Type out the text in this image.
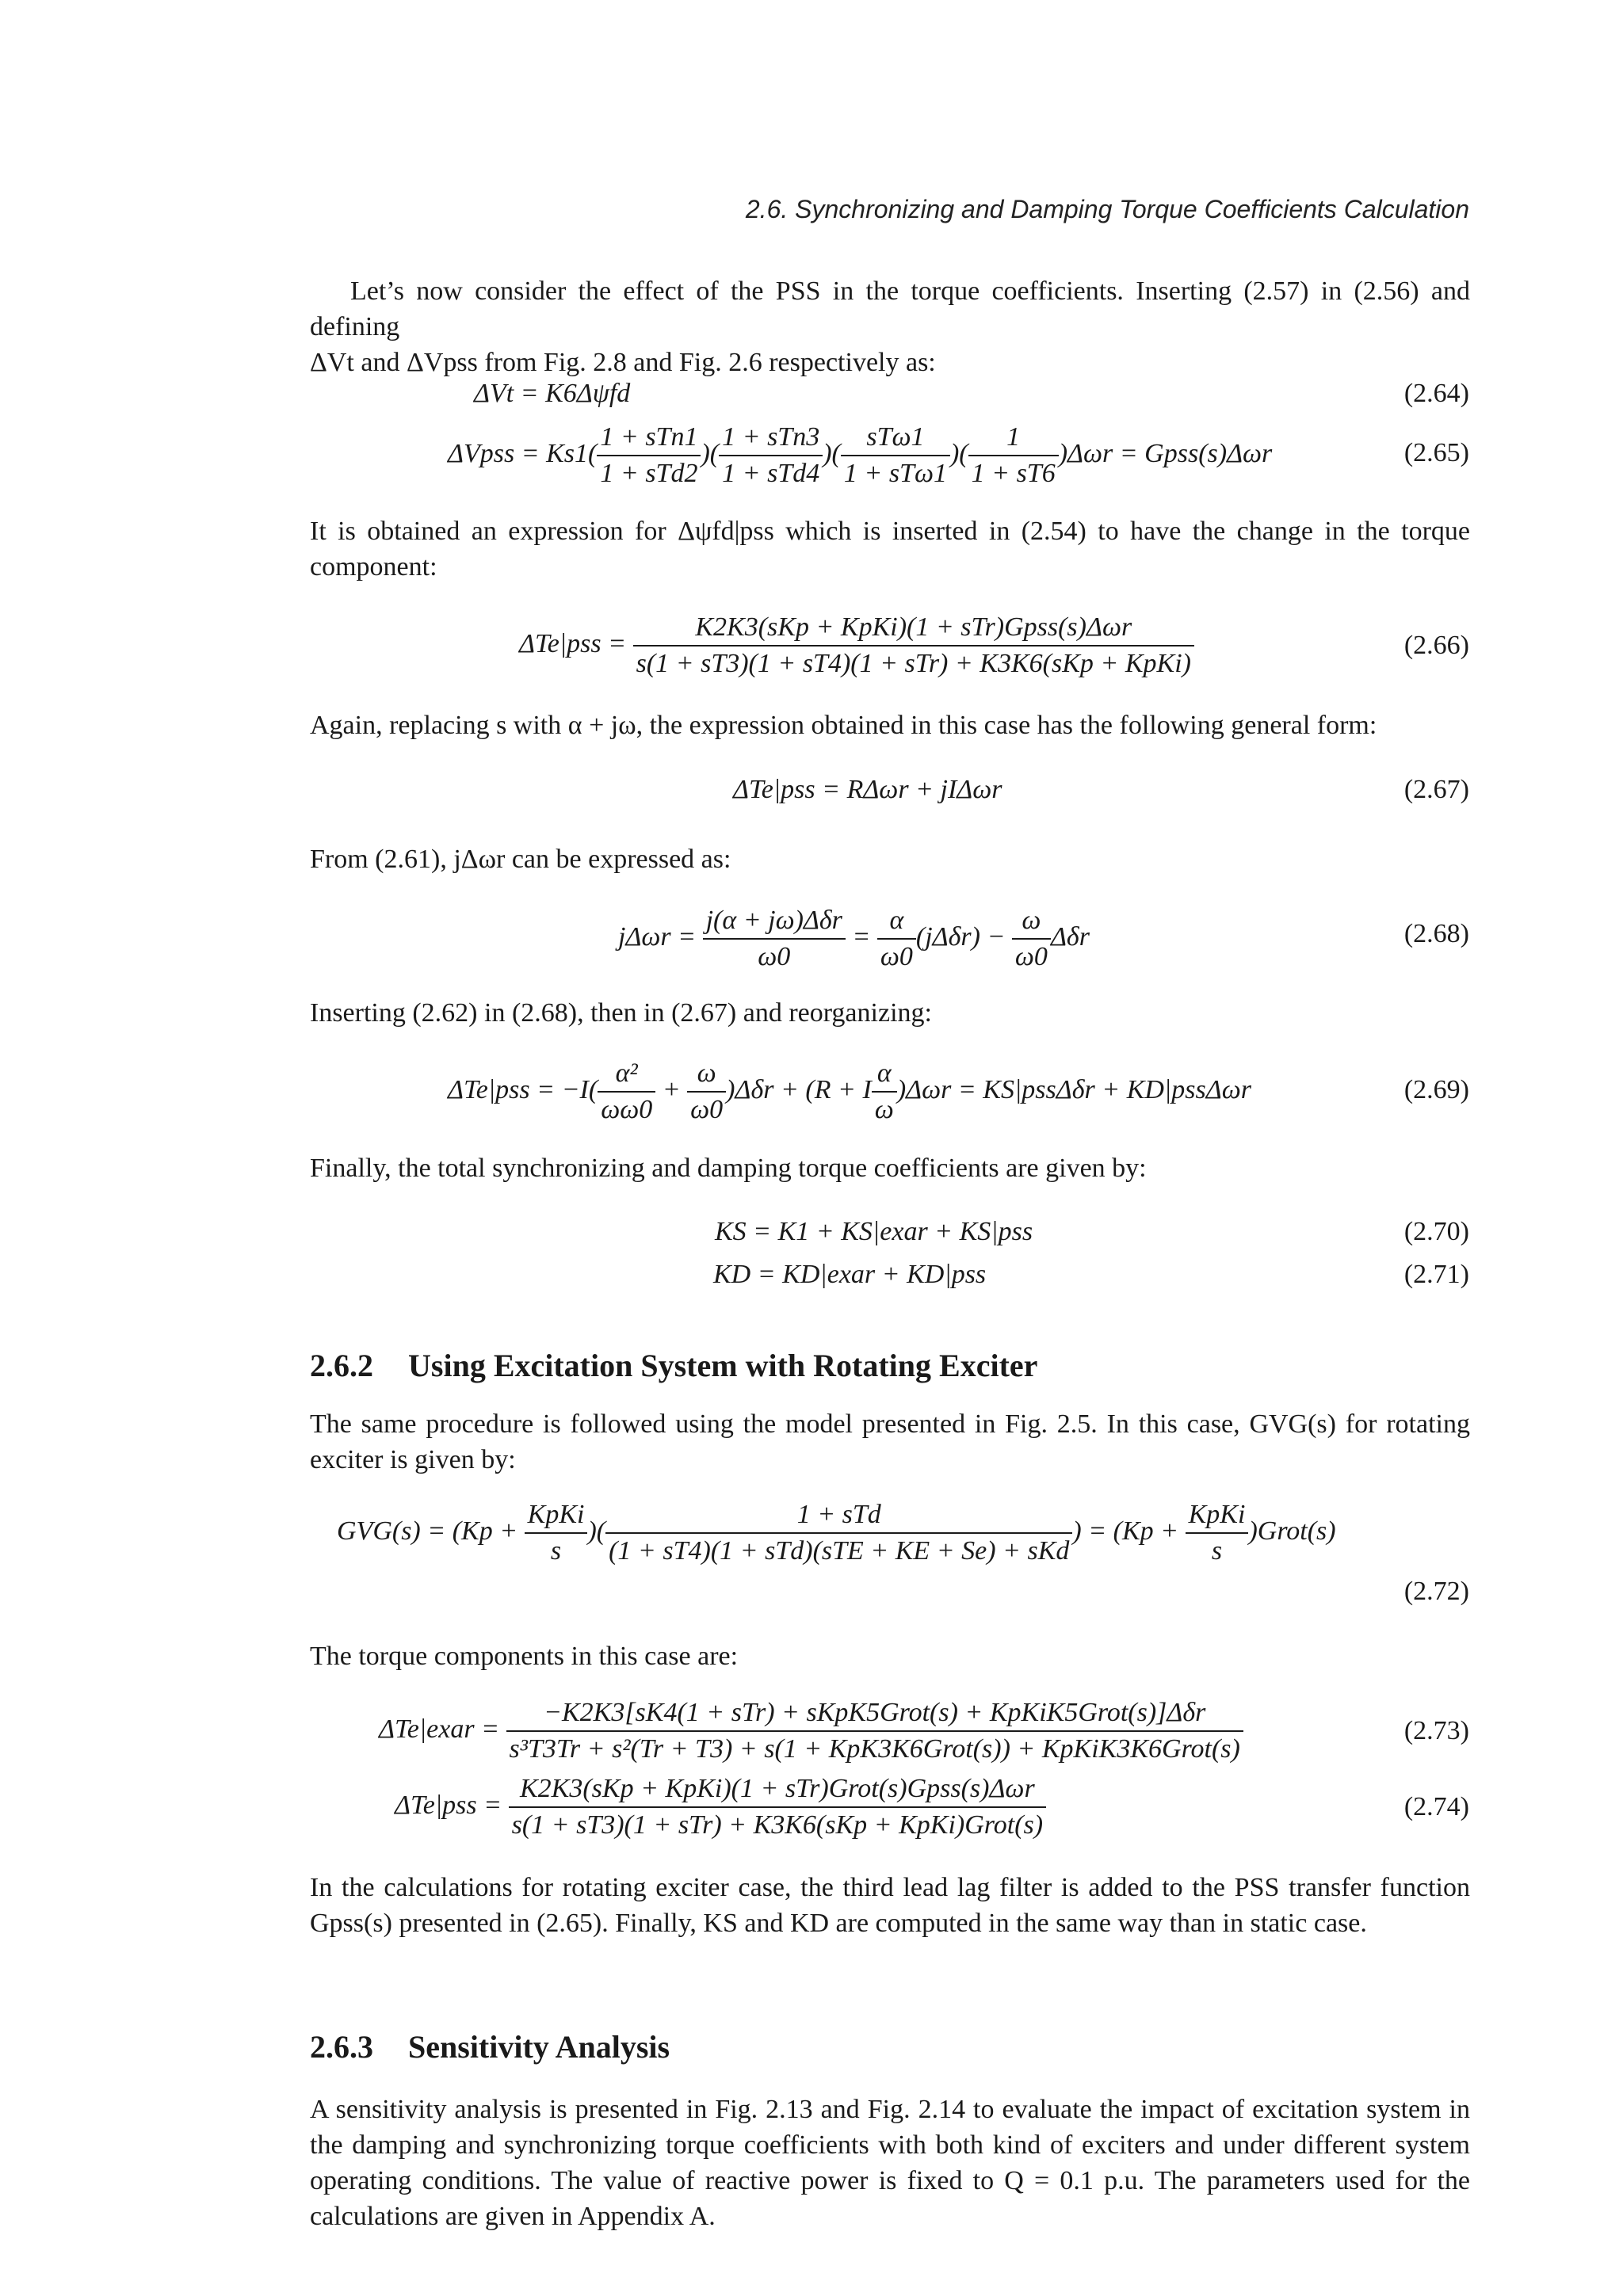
2.6. Synchronizing and Damping Torque Coefficients Calculation
Let’s now consider the effect of the PSS in the torque coefficients. Inserting (2.57) in (2.56) and defining
ΔVt and ΔVpss from Fig. 2.8 and Fig. 2.6 respectively as:
ΔVt = K6Δψfd	(2.64)
ΔVpss = $Ks1( \frac{\text{1 + sTn1}}{\text{1 + sTd2}}$ )( $\frac{\text{1 + sTn3}}{\text{1 + sTd4}}$ )( $\frac{\text{sTω1}}{\text{1 + sTω1}}$ )( $\frac{1}{1 + sT6} )\Delta\omega r$ = Gpss(s)Δωr	(2.65)
It is obtained an expression for Δψfd|pss which is inserted in (2.54) to have the change in the torque component:
$\Delta Te|pss = \frac{\text{K2K3(sKp + KpKi)(1 + sTr)Gpss(s)Δωr}}{\text{s(1 + sT3)(1 + sT4)(1 + sTr) + K3K6(sKp + KpKi)}}$	(2.66)
Again, replacing s with α + jω, the expression obtained in this case has the following general form:
ΔTe|pss = RΔωr + jIΔωr	(2.67)
From (2.61), jΔωr can be expressed as:
$j\Delta\omega r = \frac{\text{j(α + jω)Δδr}}{\omega 0} = \frac{\alpha}{\omega 0} (j\Delta\delta r) - \frac{\omega}{\omega 0}$ Δδr	(2.68)
Inserting (2.62) in (2.68), then in (2.67) and reorganizing:
$\Delta Te|pss = -I( \frac{\text{α²}}{\omega\omega 0} + \frac{\omega}{\omega 0} )\Delta\delta r + (R + I \frac{\alpha}{\omega} )\Delta\omega r = KS|pss\Delta\delta r + KD|pss\Delta\omega r$	(2.69)
Finally, the total synchronizing and damping torque coefficients are given by:
KS = K1 + KS|exar + KS|pss	(2.70)
KD = KD|exar + KD|pss	(2.71)
2.6.2 Using Excitation System with Rotating Exciter
The same procedure is followed using the model presented in Fig. 2.5. In this case, GVG(s) for rotating exciter is given by:
$GVG(s) = (Kp + \frac{\text{KpKi}}{s}$ )( $\frac{\text{1 + sTd}}{\text{(1 + sT4)(1 + sTd)(sTE + KE + Se) + sKd}}$ ) = ($Kp + \frac{\text{KpKi}}{s}$ )Grot(s)
(2.72)
The torque components in this case are:
ΔTe|exar =
−K2K3[sK4(1 + sTr) + sKpK5Grot(s) + KpKiK5Grot(s)]Δδr
s³T3Tr + s²(Tr + T3) + s(1 + KpK3K6Grot(s)) + KpKiK3K6Grot(s)
(2.73)
$\Delta Te|pss = \frac{\text{K2K3(sKp + KpKi)(1 + sTr)Grot(s)Gpss(s)Δωr}}{\text{s(1 + sT3)(1 + sTr) + K3K6(sKp + KpKi)Grot(s)}}$	(2.74)
In the calculations for rotating exciter case, the third lead lag filter is added to the PSS transfer function Gpss(s) presented in (2.65). Finally, KS and KD are computed in the same way than in static case.
2.6.3 Sensitivity Analysis
A sensitivity analysis is presented in Fig. 2.13 and Fig. 2.14 to evaluate the impact of excitation system in the damping and synchronizing torque coefficients with both kind of exciters and under different system operating conditions. The value of reactive power is fixed to Q = 0.1 p.u. The parameters used for the calculations are given in Appendix A.
